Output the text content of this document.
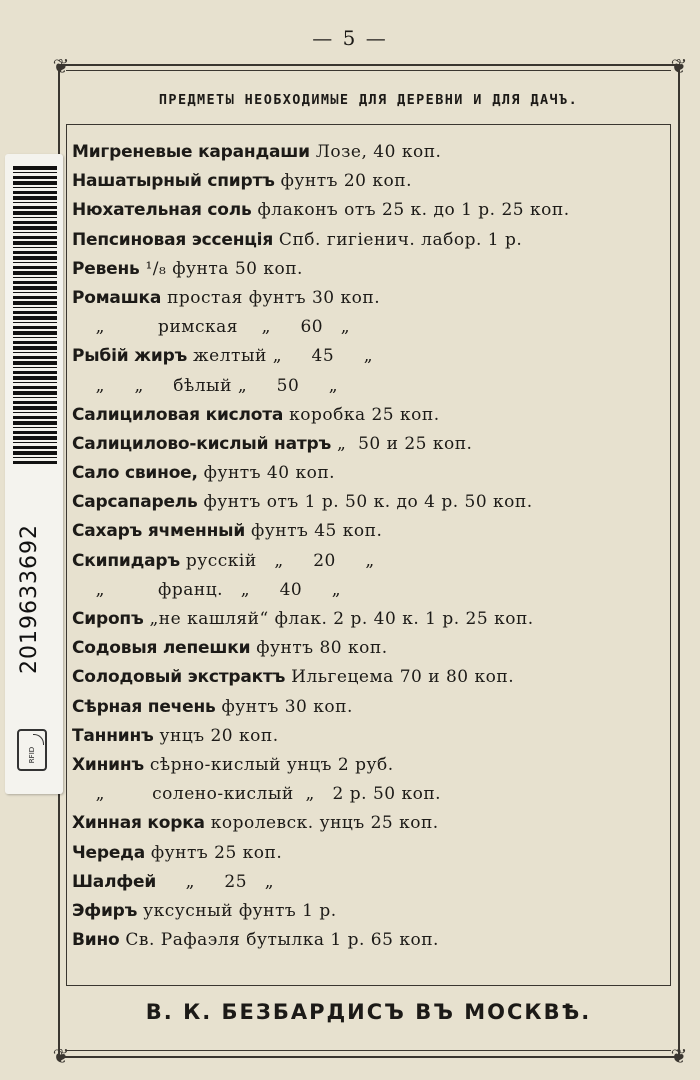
— 5 —
❦	❦
❦	❦
ПРЕДМЕТЫ НЕОБХОДИМЫЕ ДЛЯ ДЕРЕВНИ И ДЛЯ ДАЧЪ.
Мигреневые карандаши Лозе, 40 коп.
Нашатырный спиртъ фунтъ 20 коп.
Нюхательная соль флаконъ отъ 25 к. до 1 р. 25 коп.
Пепсиновая эссенція Спб. гигіенич. лабор. 1 р.
Ревень ¹/₈ фунта 50 коп.
Ромашка простая фунтъ 30 коп.
„         римская    „     60   „
Рыбій жиръ желтый „     45     „
„     „     бѣлый „     50     „
Салициловая кислота коробка 25 коп.
Салицилово-кислый натръ „  50 и 25 коп.
Сало свиное, фунтъ 40 коп.
Сарсапарель фунтъ отъ 1 р. 50 к. до 4 р. 50 коп.
Сахаръ ячменный фунтъ 45 коп.
Скипидаръ русскій   „     20     „
„         франц.   „     40     „
Сиропъ „не кашляй“ флак. 2 р. 40 к. 1 р. 25 коп.
Содовыя лепешки фунтъ 80 коп.
Солодовый экстрактъ Ильгецема 70 и 80 коп.
Сѣрная печень фунтъ 30 коп.
Таннинъ унцъ 20 коп.
Хининъ сѣрно-кислый унцъ 2 руб.
„        солено-кислый  „   2 р. 50 коп.
Хинная корка королевск. унцъ 25 коп.
Череда фунтъ 25 коп.
Шалфей     „     25   „
Эфиръ уксусный фунтъ 1 р.
Вино Св. Рафаэля бутылка 1 р. 65 коп.
В. К. БЕЗБАРДИСЪ ВЪ МОСКВѢ.
2019633692
RFID
